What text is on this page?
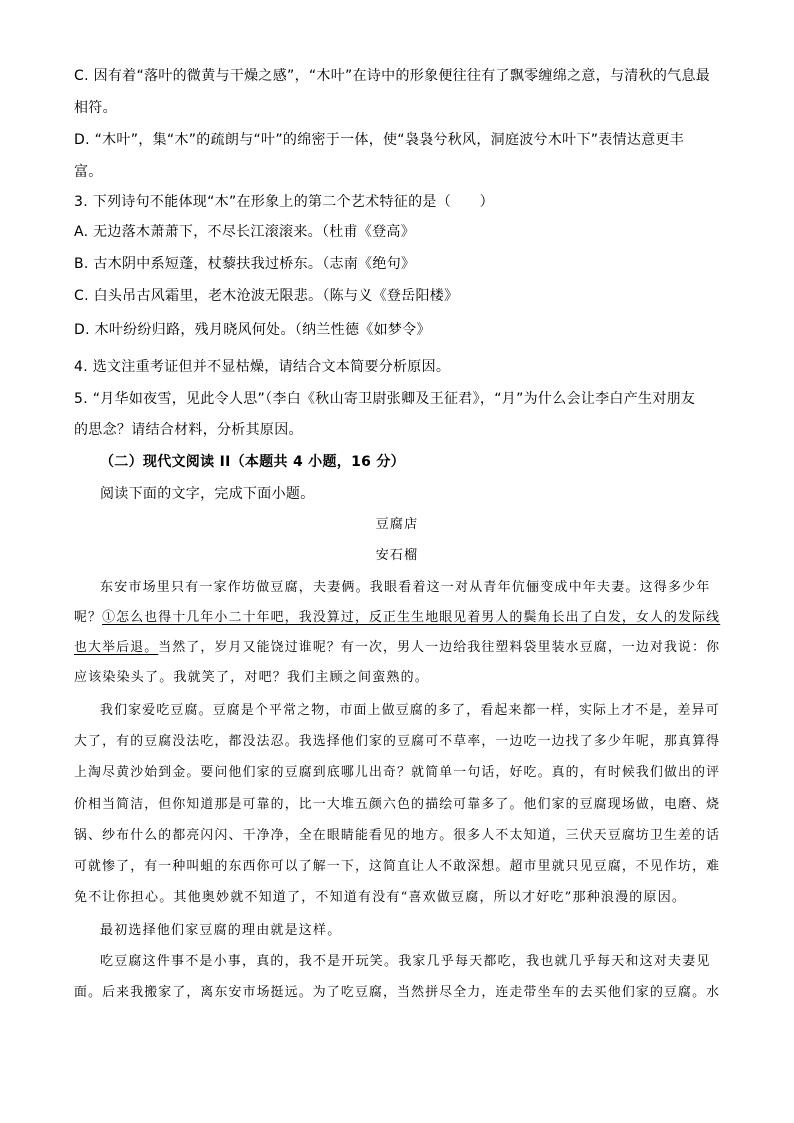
C. 因有着“落叶的微黄与干燥之感”，“木叶”在诗中的形象便往往有了飘零缠绵之意，与清秋的气息最
相符。
D. “木叶”，集“木”的疏朗与“叶”的绵密于一体，使“袅袅兮秋风，洞庭波兮木叶下”表情达意更丰
富。
3. 下列诗句不能体现“木”在形象上的第二个艺术特征的是（　　）
A. 无边落木萧萧下，不尽长江滚滚来。（杜甫《登高》
B. 古木阴中系短蓬，杖藜扶我过桥东。（志南《绝句》
C. 白头吊古风霜里，老木沧波无限悲。（陈与义《登岳阳楼》
D. 木叶纷纷归路，残月晓风何处。（纳兰性德《如梦令》
4. 选文注重考证但并不显枯燥，请结合文本简要分析原因。
5. “月华如夜雪，见此令人思”（李白《秋山寄卫尉张卿及王征君》，“月”为什么会让李白产生对朋友
的思念？请结合材料，分析其原因。
（二）现代文阅读 II（本题共 4 小题，16 分）
阅读下面的文字，完成下面小题。
豆腐店
安石榴
东安市场里只有一家作坊做豆腐，夫妻俩。我眼看着这一对从青年伉俪变成中年夫妻。这得多少年
呢？①怎么也得十几年小二十年吧，我没算过，反正生生地眼见着男人的鬓角长出了白发，女人的发际线
也大举后退。当然了，岁月又能饶过谁呢？有一次，男人一边给我往塑料袋里装水豆腐，一边对我说：你
应该染染头了。我就笑了，对吧？我们主顾之间蛮熟的。
我们家爱吃豆腐。豆腐是个平常之物，市面上做豆腐的多了，看起来都一样，实际上才不是，差异可
大了，有的豆腐没法吃，都没法忍。我选择他们家的豆腐可不草率，一边吃一边找了多少年呢，那真算得
上淘尽黄沙始到金。要问他们家的豆腐到底哪儿出奇？就简单一句话，好吃。真的，有时候我们做出的评
价相当简洁，但你知道那是可靠的，比一大堆五颜六色的描绘可靠多了。他们家的豆腐现场做，电磨、烧
锅、纱布什么的都亮闪闪、干净净，全在眼睛能看见的地方。很多人不太知道，三伏天豆腐坊卫生差的话
可就惨了，有一种叫蛆的东西你可以了解一下，这简直让人不敢深想。超市里就只见豆腐，不见作坊，难
免不让你担心。其他奥妙就不知道了，不知道有没有“喜欢做豆腐，所以才好吃”那种浪漫的原因。
最初选择他们家豆腐的理由就是这样。
吃豆腐这件事不是小事，真的，我不是开玩笑。我家几乎每天都吃，我也就几乎每天和这对夫妻见
面。后来我搬家了，离东安市场挺远。为了吃豆腐，当然拼尽全力，连走带坐车的去买他们家的豆腐。水
